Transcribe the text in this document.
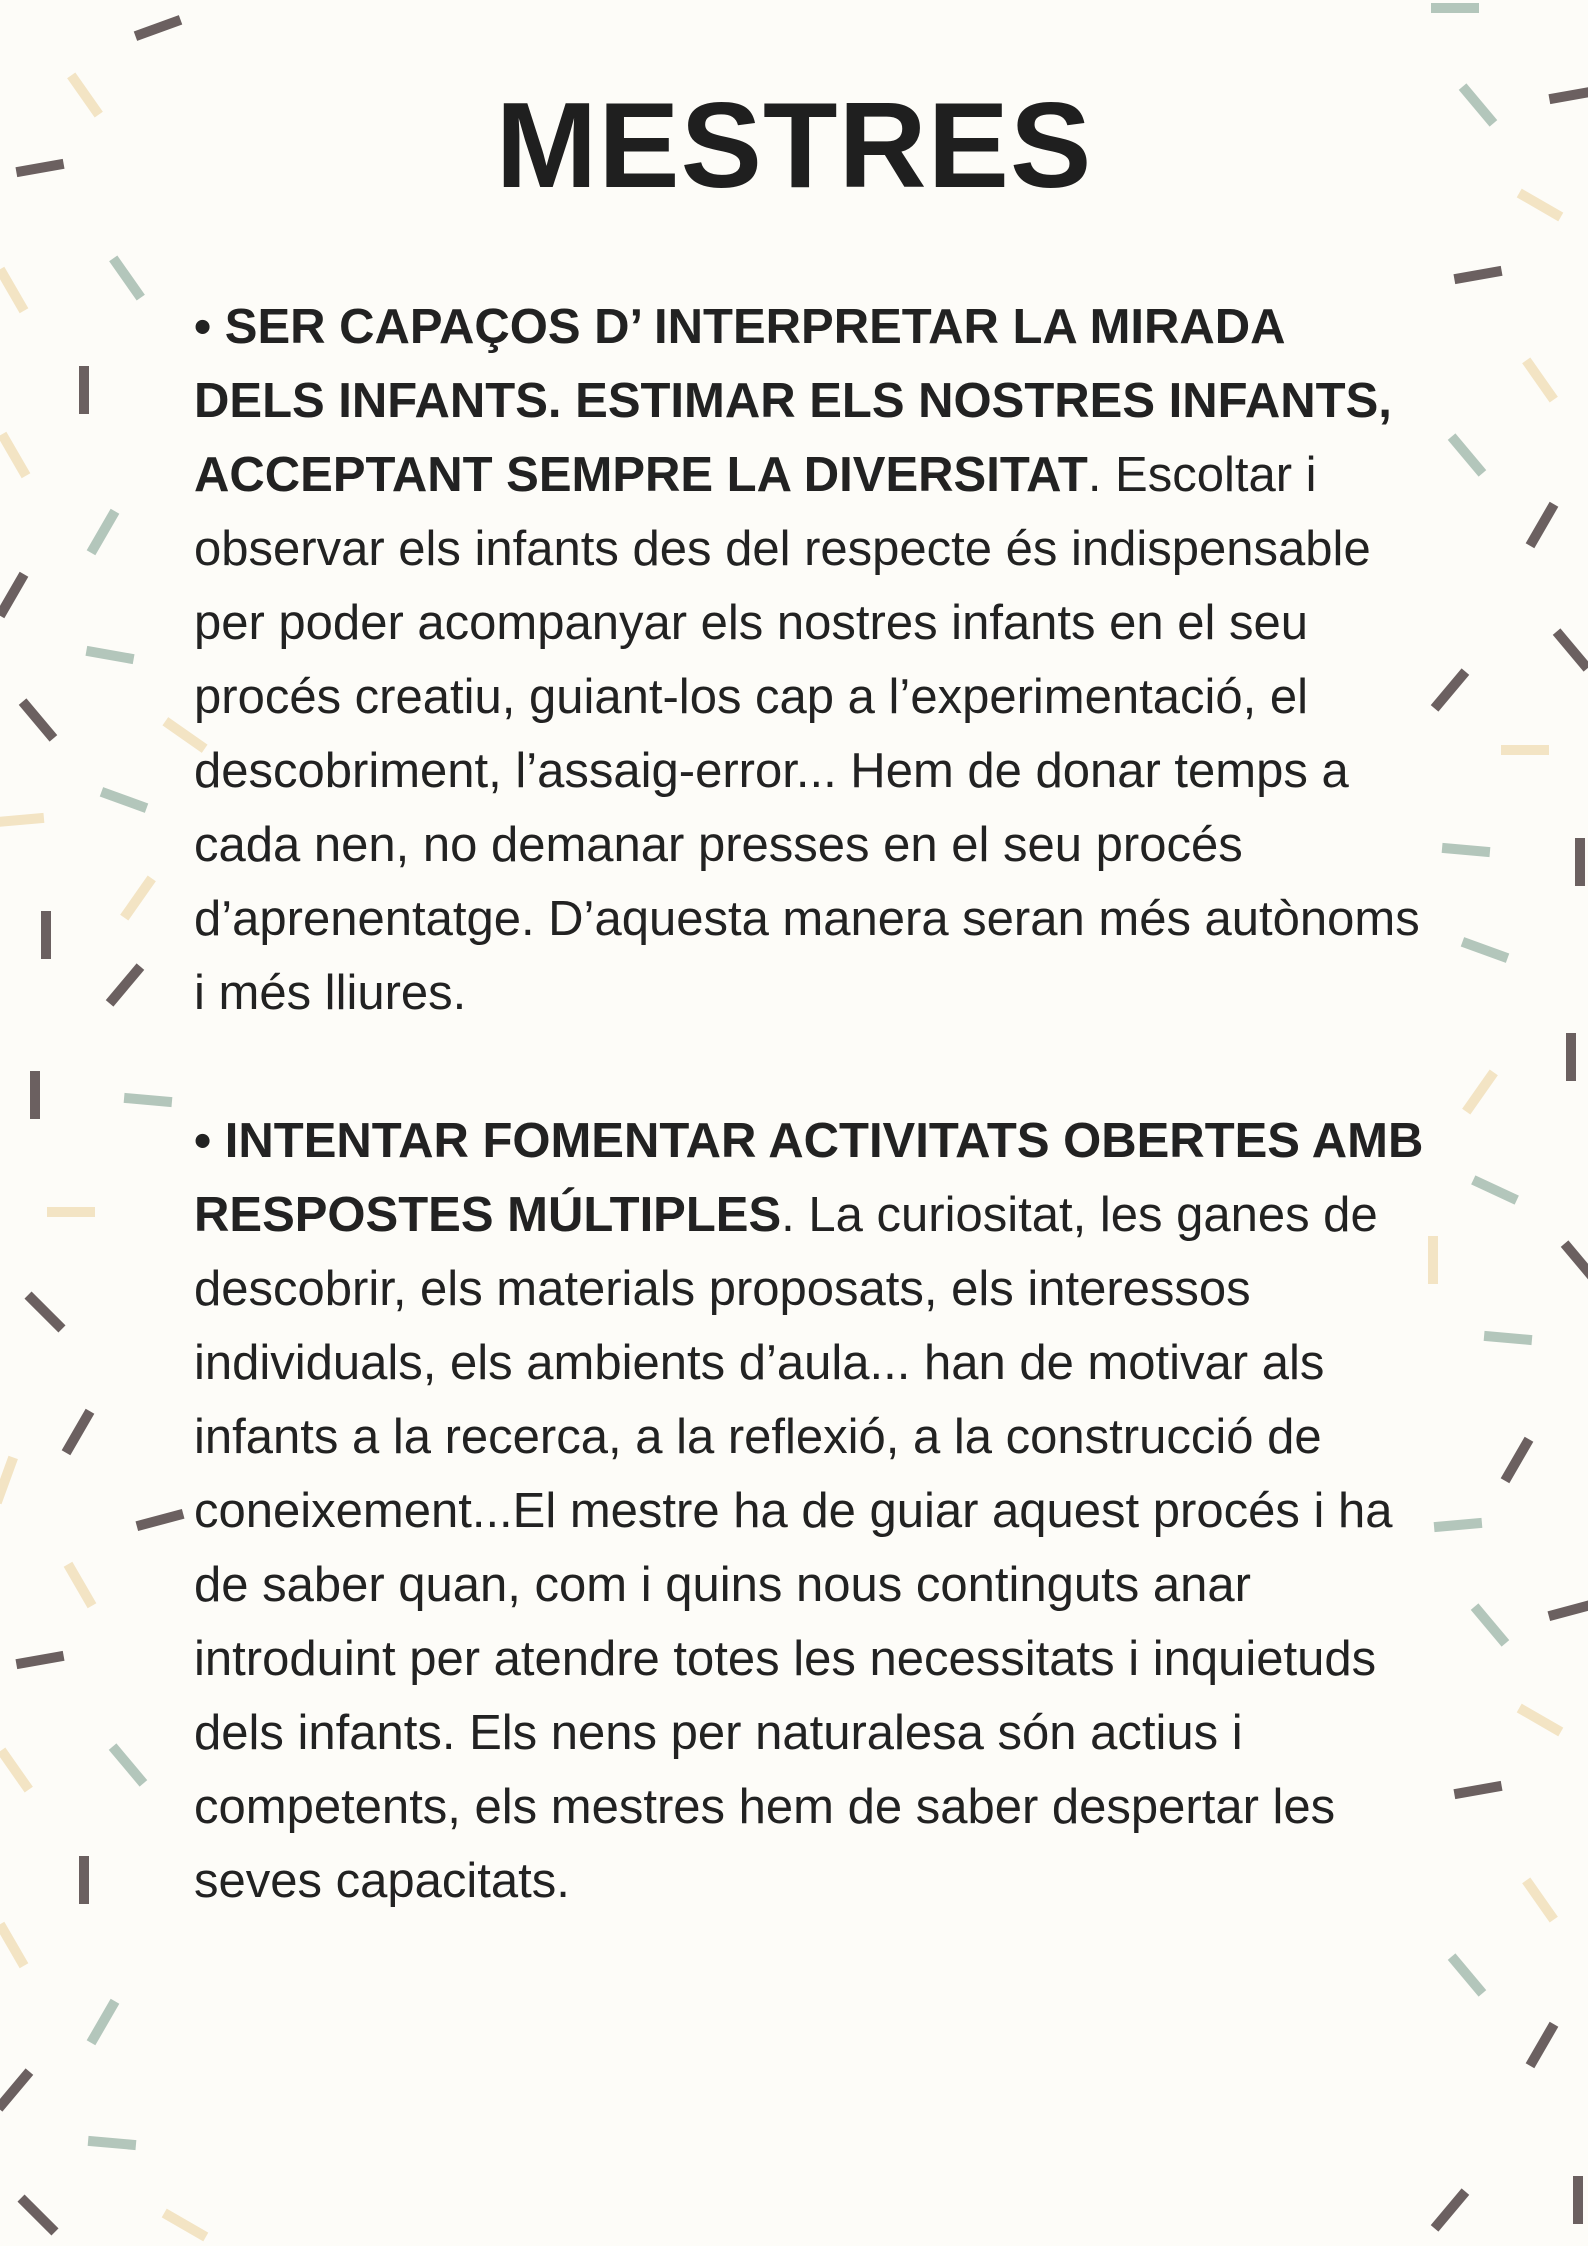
MESTRES

• SER CAPAÇOS D’ INTERPRETAR LA MIRADA DELS INFANTS. ESTIMAR ELS NOSTRES INFANTS, ACCEPTANT SEMPRE LA DIVERSITAT. Escoltar i observar els infants des del respecte és indispensable per poder acompanyar els nostres infants en el seu procés creatiu, guiant-los cap a l’experimentació, el descobriment, l’assaig-error... Hem de donar temps a cada nen, no demanar presses en el seu procés d’aprenentatge. D’aquesta manera seran més autònoms i més lliures.

• INTENTAR FOMENTAR ACTIVITATS OBERTES AMB RESPOSTES MÚLTIPLES. La curiositat, les ganes de descobrir, els materials proposats, els interessos individuals, els ambients d’aula... han de motivar als infants a la recerca, a la reflexió, a la construcció de coneixement...El mestre ha de guiar aquest procés i ha de saber quan, com i quins nous continguts anar introduint per atendre totes les necessitats i inquietuds dels infants. Els nens per naturalesa són actius i competents, els mestres hem de saber despertar les seves capacitats.
